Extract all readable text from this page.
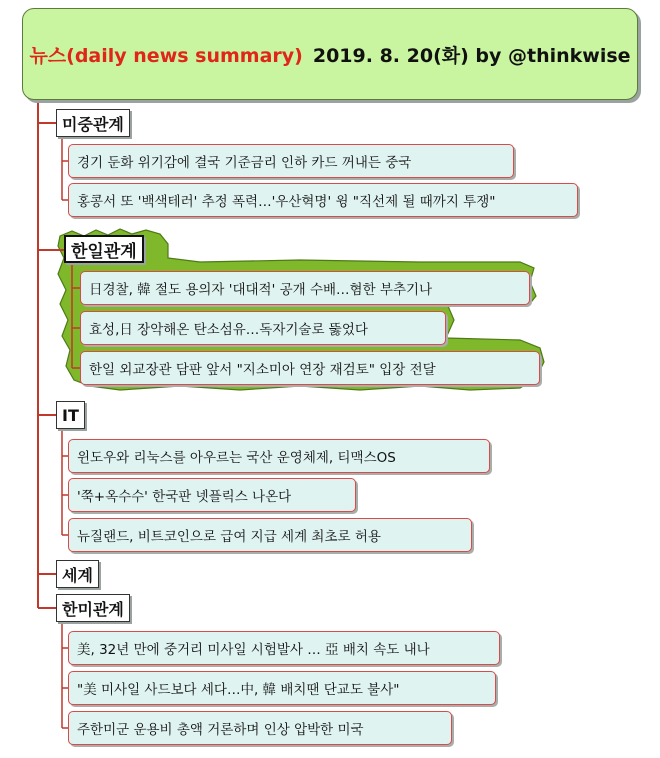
뉴스(daily news summary) 2019. 8. 20(화) by @thinkwise
미중관계
경기 둔화 위기감에 결국 기준금리 인하 카드 꺼내든 중국
홍콩서 또 '백색테러' 추정 폭력…'우산혁명' 윙 "직선제 될 때까지 투쟁"
한일관계
日경찰, 韓 절도 용의자 '대대적' 공개 수배…혐한 부추기나
효성,日 장악해온 탄소섬유…독자기술로 뚫었다
한일 외교장관 담판 앞서 "지소미아 연장 재검토" 입장 전달
IT
윈도우와 리눅스를 아우르는 국산 운영체제, 티맥스OS
'쭉+옥수수' 한국판 넷플릭스 나온다
뉴질랜드, 비트코인으로 급여 지급 세계 최초로 허용
세계
한미관계
美, 32년 만에 중거리 미사일 시험발사 … 亞 배치 속도 내나
"美 미사일 사드보다 세다…中, 韓 배치땐 단교도 불사"
주한미군 운용비 총액 거론하며 인상 압박한 미국
